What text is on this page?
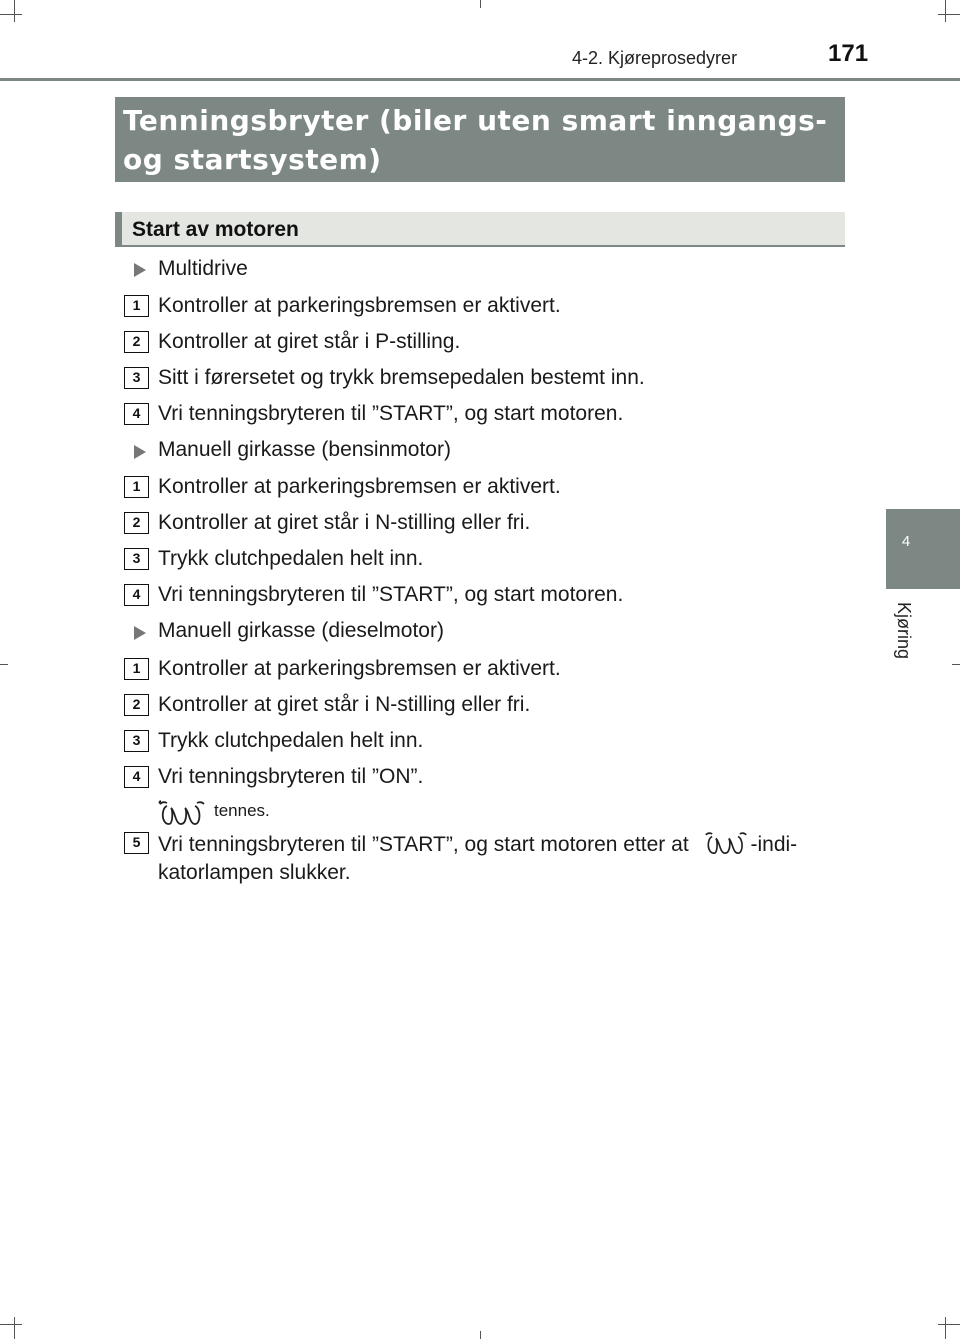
4-2. Kjøreprosedyrer	171
4
Kjøring
Tenningsbryter (biler uten smart inngangs-
og startsystem)
Start av motoren
Multidrive
1 Kontroller at parkeringsbremsen er aktivert.
2 Kontroller at giret står i P-stilling.
3 Sitt i førersetet og trykk bremsepedalen bestemt inn.
4 Vri tenningsbryteren til ”START”, og start motoren.
Manuell girkasse (bensinmotor)
1 Kontroller at parkeringsbremsen er aktivert.
2 Kontroller at giret står i N-stilling eller fri.
3 Trykk clutchpedalen helt inn.
4 Vri tenningsbryteren til ”START”, og start motoren.
Manuell girkasse (dieselmotor)
1 Kontroller at parkeringsbremsen er aktivert.
2 Kontroller at giret står i N-stilling eller fri.
3 Trykk clutchpedalen helt inn.
4 Vri tenningsbryteren til ”ON”.
tennes.
5 Vri tenningsbryteren til ”START”, og start motoren etter at	-indi-
katorlampen slukker.
